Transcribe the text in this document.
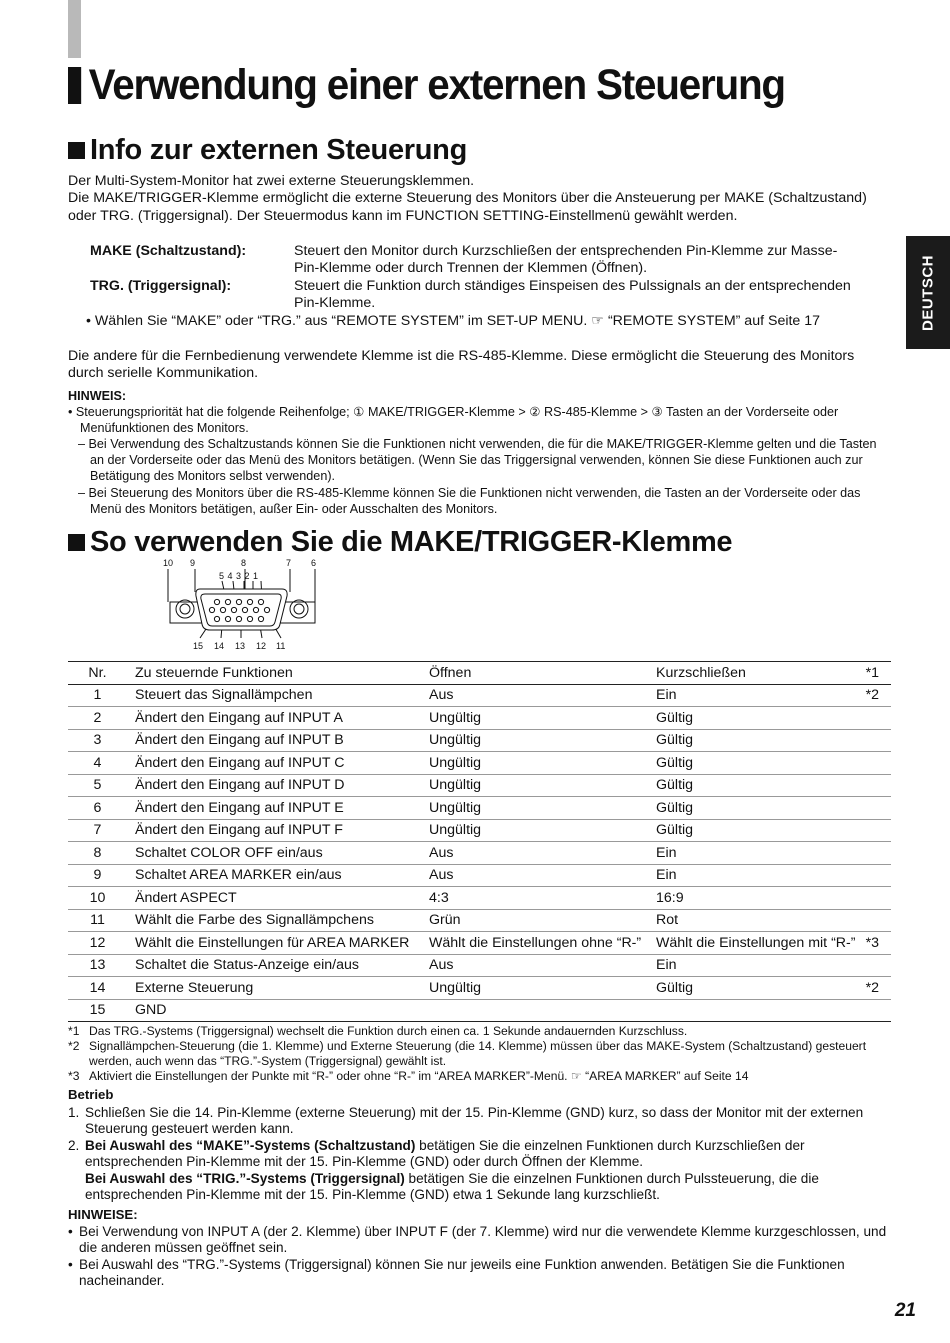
DEUTSCH
Verwendung einer externen Steuerung
Info zur externen Steuerung
Der Multi-System-Monitor hat zwei externe Steuerungsklemmen.
Die MAKE/TRIGGER-Klemme ermöglicht die externe Steuerung des Monitors über die Ansteuerung per MAKE (Schaltzustand) oder TRG. (Triggersignal). Der Steuermodus kann im FUNCTION SETTING-Einstellmenü gewählt werden.
MAKE (Schaltzustand):	Steuert den Monitor durch Kurzschließen der entsprechenden Pin-Klemme zur Masse-Pin-Klemme oder durch Trennen der Klemmen (Öffnen).
TRG. (Triggersignal):	Steuert die Funktion durch ständiges Einspeisen des Pulssignals an der entsprechenden Pin-Klemme.
• Wählen Sie “MAKE” oder “TRG.” aus “REMOTE SYSTEM” im SET-UP MENU. ☞ “REMOTE SYSTEM” auf Seite 17
Die andere für die Fernbedienung verwendete Klemme ist die RS-485-Klemme. Diese ermöglicht die Steuerung des Monitors durch serielle Kommunikation.
HINWEIS:
• Steuerungspriorität hat die folgende Reihenfolge; ① MAKE/TRIGGER-Klemme > ② RS-485-Klemme > ③ Tasten an der Vorderseite oder Menüfunktionen des Monitors.
– Bei Verwendung des Schaltzustands können Sie die Funktionen nicht verwenden, die für die MAKE/TRIGGER-Klemme gelten und die Tasten an der Vorderseite oder das Menü des Monitors betätigen. (Wenn Sie das Triggersignal verwenden, können Sie diese Funktionen auch zur Betätigung des Monitors selbst verwenden).
– Bei Steuerung des Monitors über die RS-485-Klemme können Sie die Funktionen nicht verwenden, die Tasten an der Vorderseite oder das Menü des Monitors betätigen, außer Ein- oder Ausschalten des Monitors.
So verwenden Sie die MAKE/TRIGGER-Klemme
10 9	8	7 6
5 4 3 2 1
15 14 13 12 11
Nr.	Zu steuernde Funktionen	Öffnen	Kurzschließen	*1
1	Steuert das Signallämpchen	Aus	Ein	*2
2	Ändert den Eingang auf INPUT A	Ungültig	Gültig	
3	Ändert den Eingang auf INPUT B	Ungültig	Gültig	
4	Ändert den Eingang auf INPUT C	Ungültig	Gültig	
5	Ändert den Eingang auf INPUT D	Ungültig	Gültig	
6	Ändert den Eingang auf INPUT E	Ungültig	Gültig	
7	Ändert den Eingang auf INPUT F	Ungültig	Gültig	
8	Schaltet COLOR OFF ein/aus	Aus	Ein	
9	Schaltet AREA MARKER ein/aus	Aus	Ein	
10	Ändert ASPECT	4:3	16:9	
11	Wählt die Farbe des Signallämpchens	Grün	Rot	
12	Wählt die Einstellungen für AREA MARKER	Wählt die Einstellungen ohne “R-”	Wählt die Einstellungen mit “R-”	*3
13	Schaltet die Status-Anzeige ein/aus	Aus	Ein	
14	Externe Steuerung	Ungültig	Gültig	*2
15	GND			
*1 Das TRG.-Systems (Triggersignal) wechselt die Funktion durch einen ca. 1 Sekunde andauernden Kurzschluss.
*2 Signallämpchen-Steuerung (die 1. Klemme) und Externe Steuerung (die 14. Klemme) müssen über das MAKE-System (Schaltzustand) gesteuert werden, auch wenn das “TRG.”-System (Triggersignal) gewählt ist.
*3 Aktiviert die Einstellungen der Punkte mit “R-” oder ohne “R-” im “AREA MARKER”-Menü. ☞ “AREA MARKER” auf Seite 14
Betrieb
1. Schließen Sie die 14. Pin-Klemme (externe Steuerung) mit der 15. Pin-Klemme (GND) kurz, so dass der Monitor mit der externen Steuerung gesteuert werden kann.
2. Bei Auswahl des “MAKE”-Systems (Schaltzustand) betätigen Sie die einzelnen Funktionen durch Kurzschließen der entsprechenden Pin-Klemme mit der 15. Pin-Klemme (GND) oder durch Öffnen der Klemme.
Bei Auswahl des “TRIG.”-Systems (Triggersignal) betätigen Sie die einzelnen Funktionen durch Pulssteuerung, die die entsprechenden Pin-Klemme mit der 15. Pin-Klemme (GND) etwa 1 Sekunde lang kurzschließt.
HINWEISE:
• Bei Verwendung von INPUT A (der 2. Klemme) über INPUT F (der 7. Klemme) wird nur die verwendete Klemme kurzgeschlossen, und die anderen müssen geöffnet sein.
• Bei Auswahl des “TRG.”-Systems (Triggersignal) können Sie nur jeweils eine Funktion anwenden. Betätigen Sie die Funktionen nacheinander.
21
